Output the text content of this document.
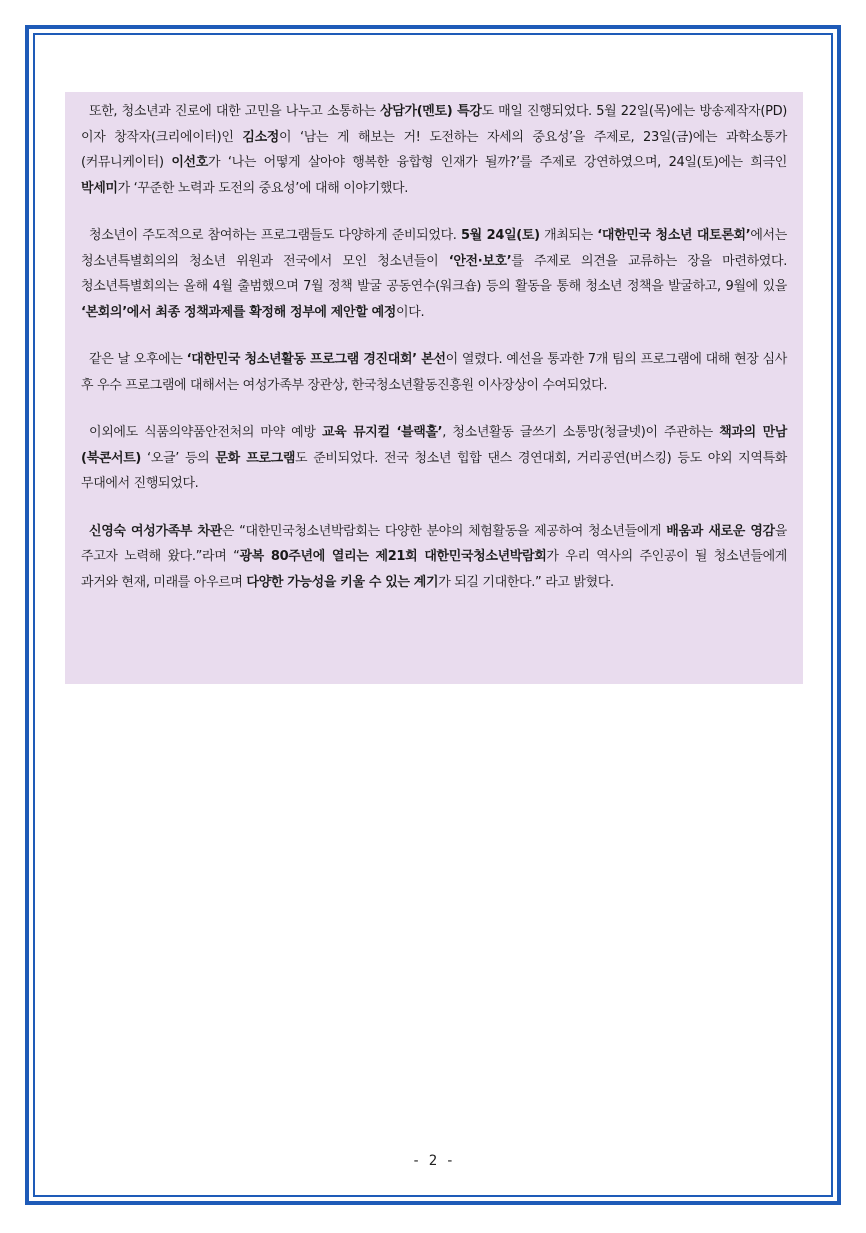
또한, 청소년과 진로에 대한 고민을 나누고 소통하는 상담가(멘토) 특강도 매일 진행되었다. 5월 22일(목)에는 방송제작자(PD)이자 창작자(크리에이터)인 김소정이 ‘남는 게 해보는 거! 도전하는 자세의 중요성’을 주제로, 23일(금)에는 과학소통가(커뮤니케이터) 이선호가 ‘나는 어떻게 살아야 행복한 융합형 인재가 될까?’를 주제로 강연하였으며, 24일(토)에는 희극인 박세미가 ‘꾸준한 노력과 도전의 중요성’에 대해 이야기했다.

청소년이 주도적으로 참여하는 프로그램들도 다양하게 준비되었다. 5월 24일(토) 개최되는 ‘대한민국 청소년 대토론회’에서는 청소년특별회의의 청소년 위원과 전국에서 모인 청소년들이 ‘안전·보호’를 주제로 의견을 교류하는 장을 마련하였다. 청소년특별회의는 올해 4월 출범했으며 7월 정책 발굴 공동연수(워크숍) 등의 활동을 통해 청소년 정책을 발굴하고, 9월에 있을 ‘본회의’에서 최종 정책과제를 확정해 정부에 제안할 예정이다.

같은 날 오후에는 ‘대한민국 청소년활동 프로그램 경진대회’ 본선이 열렸다. 예선을 통과한 7개 팀의 프로그램에 대해 현장 심사 후 우수 프로그램에 대해서는 여성가족부 장관상, 한국청소년활동진흥원 이사장상이 수여되었다.

이외에도 식품의약품안전처의 마약 예방 교육 뮤지컬 ‘블랙홀’, 청소년활동 글쓰기 소통망(청글넷)이 주관하는 책과의 만남(북콘서트) ‘오글’ 등의 문화 프로그램도 준비되었다. 전국 청소년 힙합 댄스 경연대회, 거리공연(버스킹) 등도 야외 지역특화 무대에서 진행되었다.

신영숙 여성가족부 차관은 “대한민국청소년박람회는 다양한 분야의 체험활동을 제공하여 청소년들에게 배움과 새로운 영감을 주고자 노력해 왔다.”라며 “광복 80주년에 열리는 제21회 대한민국청소년박람회가 우리 역사의 주인공이 될 청소년들에게 과거와 현재, 미래를 아우르며 다양한 가능성을 키울 수 있는 계기가 되길 기대한다.” 라고 밝혔다.

- 2 -
